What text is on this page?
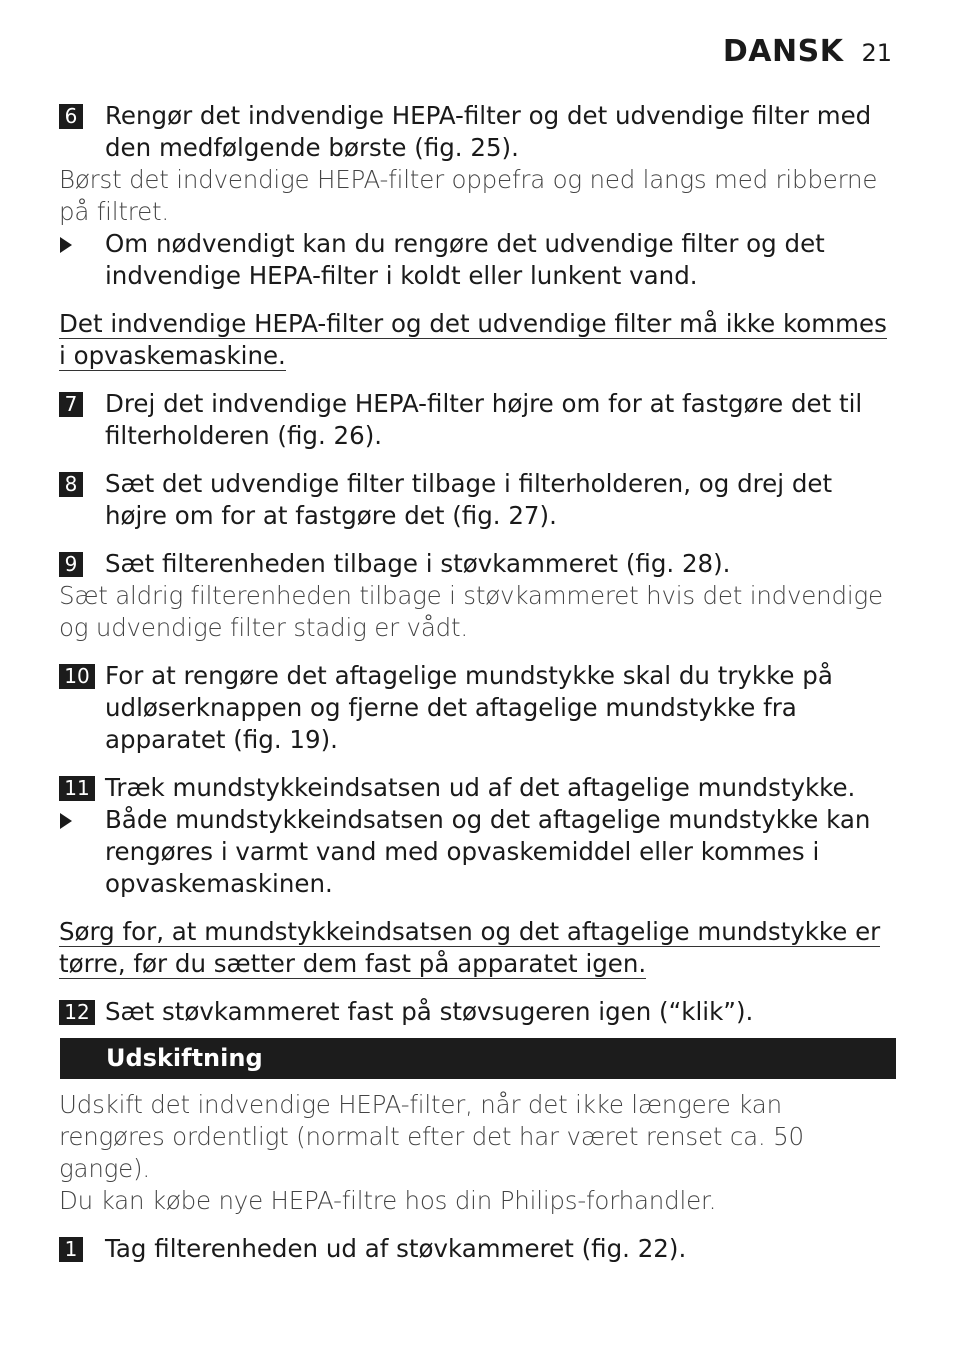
DANSK 21
6 Rengør det indvendige HEPA-filter og det udvendige filter med den medfølgende børste (fig. 25).
Børst det indvendige HEPA-filter oppefra og ned langs med ribberne på filtret.
Om nødvendigt kan du rengøre det udvendige filter og det indvendige HEPA-filter i koldt eller lunkent vand.
Det indvendige HEPA-filter og det udvendige filter må ikke kommes i opvaskemaskine.
7 Drej det indvendige HEPA-filter højre om for at fastgøre det til filterholderen (fig. 26).
8 Sæt det udvendige filter tilbage i filterholderen, og drej det højre om for at fastgøre det (fig. 27).
9 Sæt filterenheden tilbage i støvkammeret (fig. 28).
Sæt aldrig filterenheden tilbage i støvkammeret hvis det indvendige og udvendige filter stadig er vådt.
10 For at rengøre det aftagelige mundstykke skal du trykke på udløserknappen og fjerne det aftagelige mundstykke fra apparatet (fig. 19).
11 Træk mundstykkeindsatsen ud af det aftagelige mundstykke.
Både mundstykkeindsatsen og det aftagelige mundstykke kan rengøres i varmt vand med opvaskemiddel eller kommes i opvaskemaskinen.
Sørg for, at mundstykkeindsatsen og det aftagelige mundstykke er tørre, før du sætter dem fast på apparatet igen.
12 Sæt støvkammeret fast på støvsugeren igen (“klik”).
Udskiftning
Udskift det indvendige HEPA-filter, når det ikke længere kan rengøres ordentligt (normalt efter det har været renset ca. 50 gange).
Du kan købe nye HEPA-filtre hos din Philips-forhandler.
1 Tag filterenheden ud af støvkammeret (fig. 22).
